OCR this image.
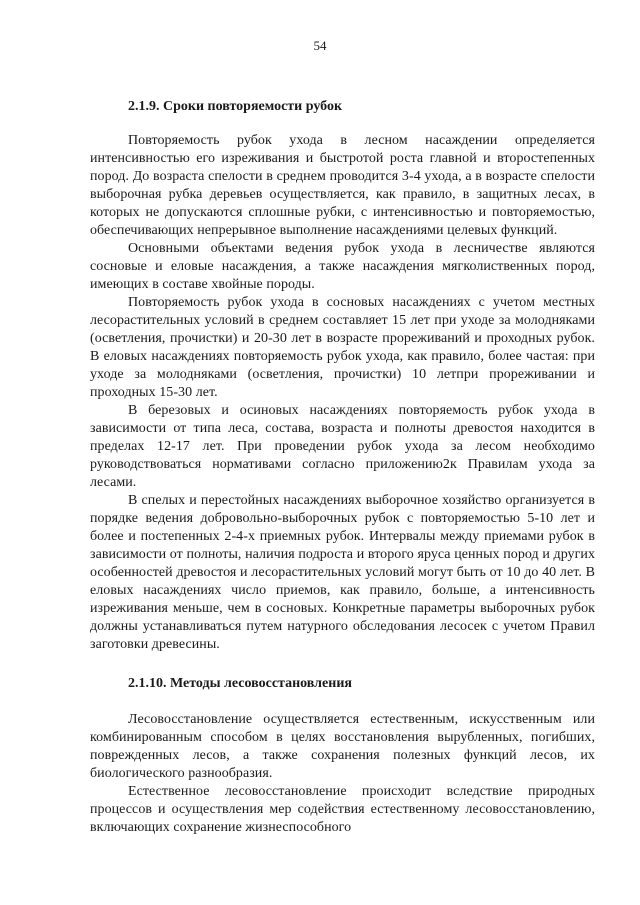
54

2.1.9. Сроки повторяемости рубок

Повторяемость рубок ухода в лесном насаждении определяется интенсивностью его изреживания и быстротой роста главной и второстепенных пород. До возраста спелости в среднем проводится 3-4 ухода, а в возрасте спелости выборочная рубка деревьев осуществляется, как правило, в защитных лесах, в которых не допускаются сплошные рубки, с интенсивностью и повторяемостью, обеспечивающих непрерывное выполнение насаждениями целевых функций.

Основными объектами ведения рубок ухода в лесничестве являются сосновые и еловые насаждения, а также насаждения мягколиственных пород, имеющих в составе хвойные породы.

Повторяемость рубок ухода в сосновых насаждениях с учетом местных лесорастительных условий в среднем составляет 15 лет при уходе за молодняками (осветления, прочистки) и 20-30 лет в возрасте прореживаний и проходных рубок. В еловых насаждениях повторяемость рубок ухода, как правило, более частая: при уходе за молодняками (осветления, прочистки) 10 летпри прореживании и проходных 15-30 лет.

В березовых и осиновых насаждениях повторяемость рубок ухода в зависимости от типа леса, состава, возраста и полноты древостоя находится в пределах 12-17 лет. При проведении рубок ухода за лесом необходимо руководствоваться нормативами согласно приложению2к Правилам ухода за лесами.

В спелых и перестойных насаждениях выборочное хозяйство организуется в порядке ведения добровольно-выборочных рубок с повторяемостью 5-10 лет и более и постепенных 2-4-х приемных рубок. Интервалы между приемами рубок в зависимости от полноты, наличия подроста и второго яруса ценных пород и других особенностей древостоя и лесорастительных условий могут быть от 10 до 40 лет. В еловых насаждениях число приемов, как правило, больше, а интенсивность изреживания меньше, чем в сосновых. Конкретные параметры выборочных рубок должны устанавливаться путем натурного обследования лесосек с учетом Правил заготовки древесины.

2.1.10. Методы лесовосстановления

Лесовосстановление осуществляется естественным, искусственным или комбинированным способом в целях восстановления вырубленных, погибших, поврежденных лесов, а также сохранения полезных функций лесов, их биологического разнообразия.

Естественное лесовосстановление происходит вследствие природных процессов и осуществления мер содействия естественному лесовосстановлению, включающих сохранение жизнеспособного
